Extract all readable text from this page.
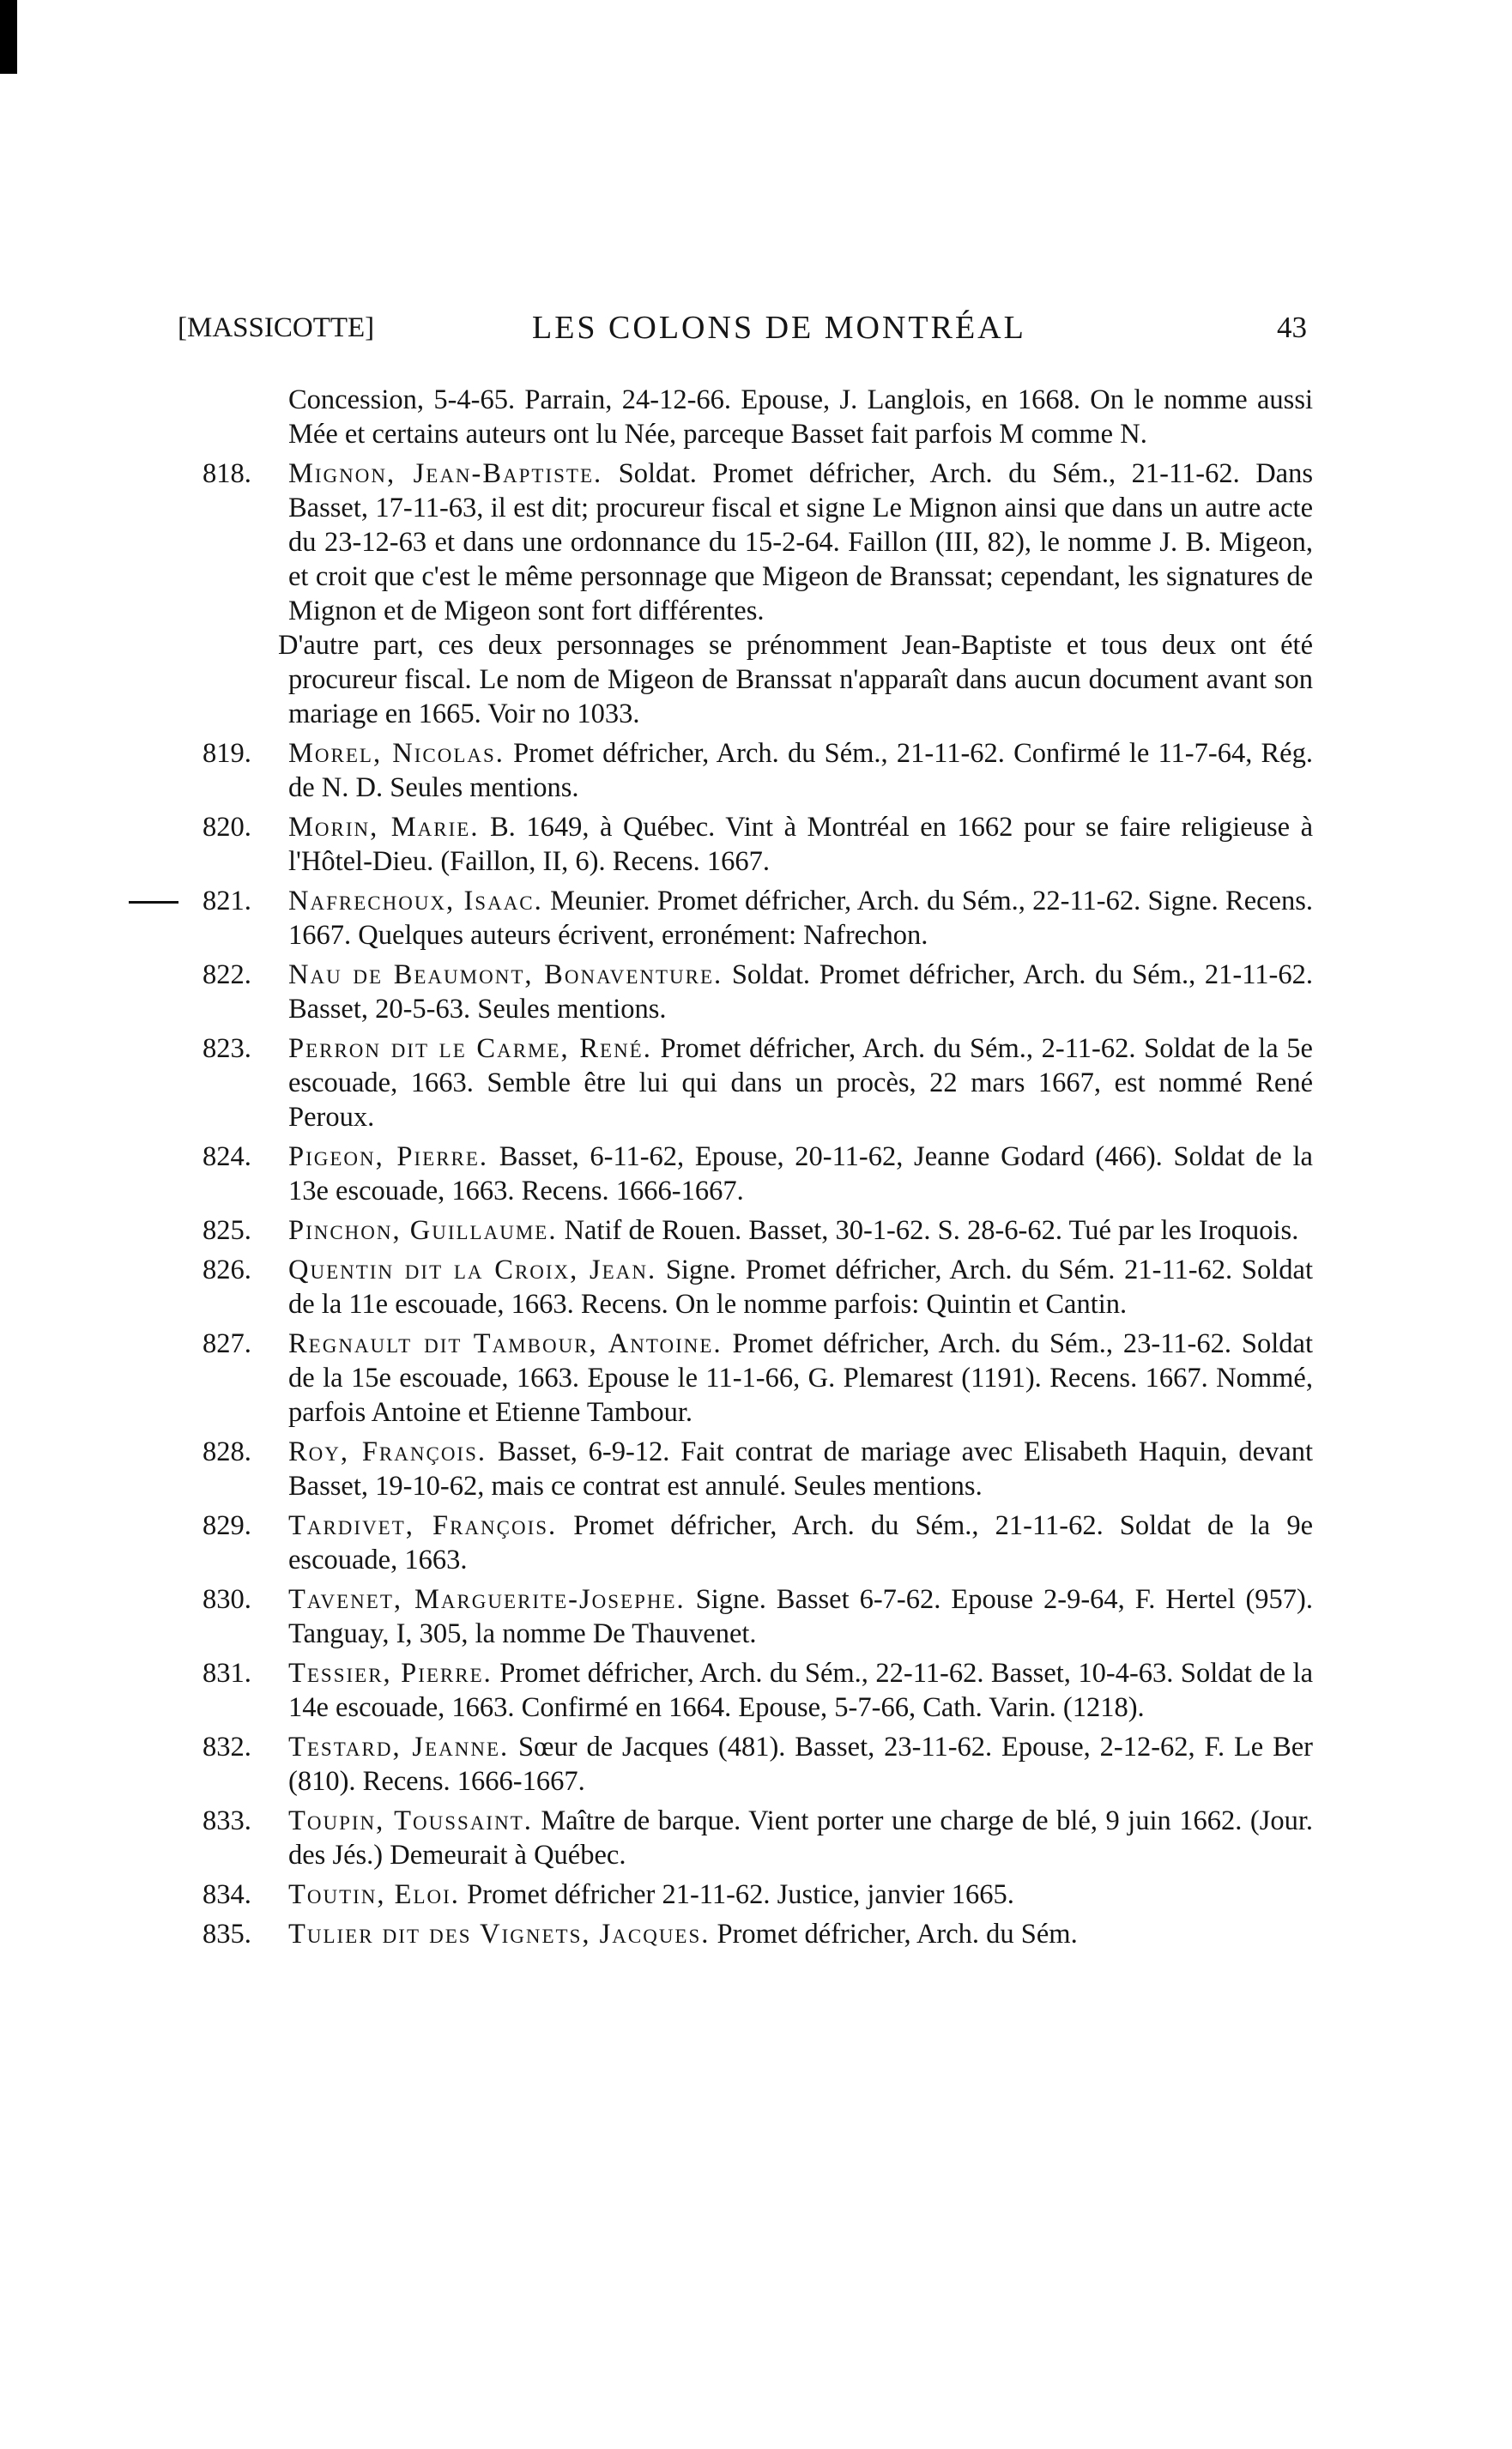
[MASSICOTTE]	LES COLONS DE MONTRÉAL	43

Concession, 5-4-65. Parrain, 24-12-66. Epouse, J. Langlois, en 1668. On le nomme aussi Mée et certains auteurs ont lu Née, parceque Basset fait parfois M comme N.

818. Mignon, Jean-Baptiste. Soldat. Promet défricher, Arch. du Sém., 21-11-62. Dans Basset, 17-11-63, il est dit; procureur fiscal et signe Le Mignon ainsi que dans un autre acte du 23-12-63 et dans une ordonnance du 15-2-64. Faillon (III, 82), le nomme J. B. Migeon, et croit que c'est le même personnage que Migeon de Branssat; cependant, les signatures de Mignon et de Migeon sont fort différentes.

D'autre part, ces deux personnages se prénomment Jean-Baptiste et tous deux ont été procureur fiscal. Le nom de Migeon de Branssat n'apparaît dans aucun document avant son mariage en 1665. Voir no 1033.

819. Morel, Nicolas. Promet défricher, Arch. du Sém., 21-11-62. Confirmé le 11-7-64, Rég. de N. D. Seules mentions.

820. Morin, Marie. B. 1649, à Québec. Vint à Montréal en 1662 pour se faire religieuse à l'Hôtel-Dieu. (Faillon, II, 6). Recens. 1667.

821. Nafrechoux, Isaac. Meunier. Promet défricher, Arch. du Sém., 22-11-62. Signe. Recens. 1667. Quelques auteurs écrivent, erronément: Nafrechon.

822. Nau de Beaumont, Bonaventure. Soldat. Promet défricher, Arch. du Sém., 21-11-62. Basset, 20-5-63. Seules mentions.

823. Perron dit le Carme, René. Promet défricher, Arch. du Sém., 2-11-62. Soldat de la 5e escouade, 1663. Semble être lui qui dans un procès, 22 mars 1667, est nommé René Peroux.

824. Pigeon, Pierre. Basset, 6-11-62, Epouse, 20-11-62, Jeanne Godard (466). Soldat de la 13e escouade, 1663. Recens. 1666-1667.

825. Pinchon, Guillaume. Natif de Rouen. Basset, 30-1-62. S. 28-6-62. Tué par les Iroquois.

826. Quentin dit la Croix, Jean. Signe. Promet défricher, Arch. du Sém. 21-11-62. Soldat de la 11e escouade, 1663. Recens. On le nomme parfois: Quintin et Cantin.

827. Regnault dit Tambour, Antoine. Promet défricher, Arch. du Sém., 23-11-62. Soldat de la 15e escouade, 1663. Epouse le 11-1-66, G. Plemarest (1191). Recens. 1667. Nommé, parfois Antoine et Etienne Tambour.

828. Roy, François. Basset, 6-9-12. Fait contrat de mariage avec Elisabeth Haquin, devant Basset, 19-10-62, mais ce contrat est annulé. Seules mentions.

829. Tardivet, François. Promet défricher, Arch. du Sém., 21-11-62. Soldat de la 9e escouade, 1663.

830. Tavenet, Marguerite-Josephe. Signe. Basset 6-7-62. Epouse 2-9-64, F. Hertel (957). Tanguay, I, 305, la nomme De Thauvenet.

831. Tessier, Pierre. Promet défricher, Arch. du Sém., 22-11-62. Basset, 10-4-63. Soldat de la 14e escouade, 1663. Confirmé en 1664. Epouse, 5-7-66, Cath. Varin. (1218).

832. Testard, Jeanne. Sœur de Jacques (481). Basset, 23-11-62. Epouse, 2-12-62, F. Le Ber (810). Recens. 1666-1667.

833. Toupin, Toussaint. Maître de barque. Vient porter une charge de blé, 9 juin 1662. (Jour. des Jés.) Demeurait à Québec.

834. Toutin, Eloi. Promet défricher 21-11-62. Justice, janvier 1665.

835. Tulier dit des Vignets, Jacques. Promet défricher, Arch. du Sém.
